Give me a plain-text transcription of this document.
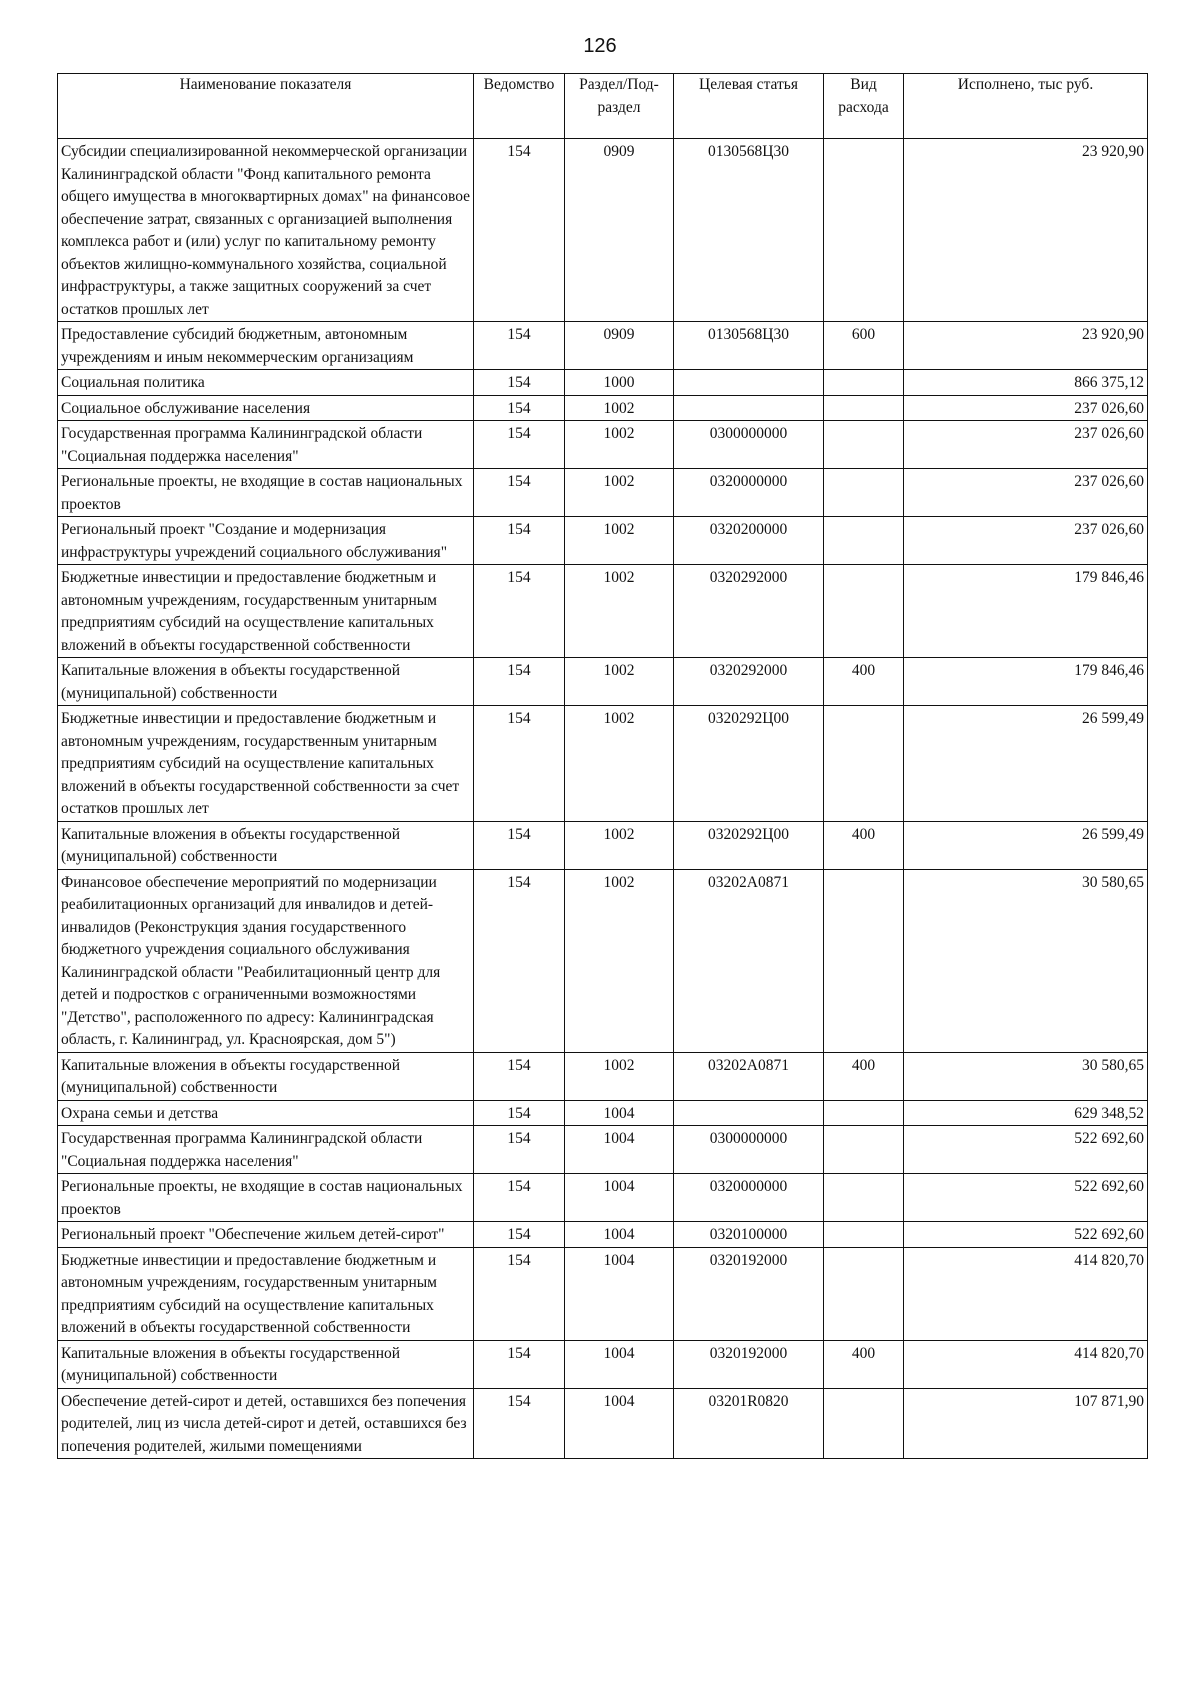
126
Наименование показателя	Ведомство	Раздел/Под-раздел	Целевая статья	Вид расхода	Исполнено, тыс руб.
Субсидии специализированной некоммерческой организации Калининградской области "Фонд капитального ремонта общего имущества в многоквартирных домах" на финансовое обеспечение затрат, связанных с организацией выполнения комплекса работ и (или) услуг по капитальному ремонту объектов жилищно-коммунального хозяйства, социальной инфраструктуры, а также защитных сооружений за счет остатков прошлых лет	154	0909	0130568Ц30		23 920,90
Предоставление субсидий бюджетным, автономным учреждениям и иным некоммерческим организациям	154	0909	0130568Ц30	600	23 920,90
Социальная политика	154	1000			866 375,12
Социальное обслуживание населения	154	1002			237 026,60
Государственная программа Калининградской области "Социальная поддержка населения"	154	1002	0300000000		237 026,60
Региональные проекты, не входящие в состав национальных проектов	154	1002	0320000000		237 026,60
Региональный проект "Создание и модернизация инфраструктуры учреждений социального обслуживания"	154	1002	0320200000		237 026,60
Бюджетные инвестиции и предоставление бюджетным и автономным учреждениям, государственным унитарным предприятиям субсидий на осуществление капитальных вложений в объекты государственной собственности	154	1002	0320292000		179 846,46
Капитальные вложения в объекты государственной (муниципальной) собственности	154	1002	0320292000	400	179 846,46
Бюджетные инвестиции и предоставление бюджетным и автономным учреждениям, государственным унитарным предприятиям субсидий на осуществление капитальных вложений в объекты государственной собственности за счет остатков прошлых лет	154	1002	0320292Ц00		26 599,49
Капитальные вложения в объекты государственной (муниципальной) собственности	154	1002	0320292Ц00	400	26 599,49
Финансовое обеспечение мероприятий по модернизации реабилитационных организаций для инвалидов и детей-инвалидов (Реконструкция здания государственного бюджетного учреждения социального обслуживания Калининградской области "Реабилитационный центр для детей и подростков с ограниченными возможностями "Детство", расположенного по адресу: Калининградская область, г. Калининград, ул. Красноярская, дом 5")	154	1002	03202А0871		30 580,65
Капитальные вложения в объекты государственной (муниципальной) собственности	154	1002	03202А0871	400	30 580,65
Охрана семьи и детства	154	1004			629 348,52
Государственная программа Калининградской области "Социальная поддержка населения"	154	1004	0300000000		522 692,60
Региональные проекты, не входящие в состав национальных проектов	154	1004	0320000000		522 692,60
Региональный проект "Обеспечение жильем детей-сирот"	154	1004	0320100000		522 692,60
Бюджетные инвестиции и предоставление бюджетным и автономным учреждениям, государственным унитарным предприятиям субсидий на осуществление капитальных вложений в объекты государственной собственности	154	1004	0320192000		414 820,70
Капитальные вложения в объекты государственной (муниципальной) собственности	154	1004	0320192000	400	414 820,70
Обеспечение детей-сирот и детей, оставшихся без попечения родителей, лиц из числа детей-сирот и детей, оставшихся без попечения родителей, жилыми помещениями	154	1004	03201R0820		107 871,90
